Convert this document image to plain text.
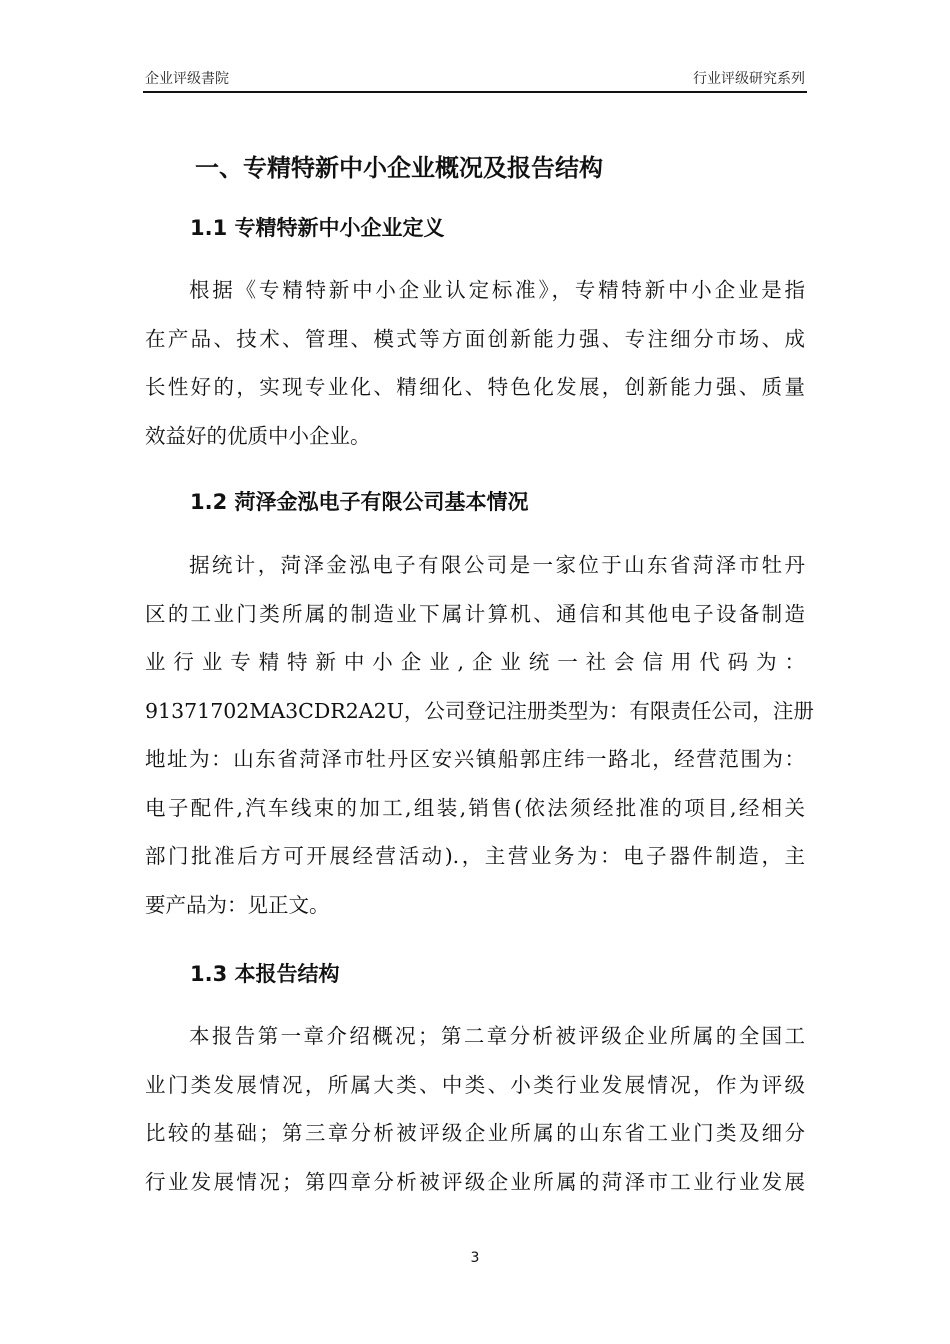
企业评级書院	行业评级研究系列
一、专精特新中小企业概况及报告结构
1.1 专精特新中小企业定义
根据《专精特新中小企业认定标准》，专精特新中小企业是指
在产品、技术、管理、模式等方面创新能力强、专注细分市场、成
长性好的，实现专业化、精细化、特色化发展，创新能力强、质量
效益好的优质中小企业。
1.2 菏泽金泓电子有限公司基本情况
据统计，菏泽金泓电子有限公司是一家位于山东省菏泽市牡丹
区的工业门类所属的制造业下属计算机、通信和其他电子设备制造
业行业专精特新中小企业,企业统一社会信用代码为：
91371702MA3CDR2A2U，公司登记注册类型为：有限责任公司，注册
地址为：山东省菏泽市牡丹区安兴镇船郭庄纬一路北，经营范围为：
电子配件,汽车线束的加工,组装,销售(依法须经批准的项目,经相关
部门批准后方可开展经营活动).，主营业务为：电子器件制造，主
要产品为：见正文。
1.3 本报告结构
本报告第一章介绍概况；第二章分析被评级企业所属的全国工
业门类发展情况，所属大类、中类、小类行业发展情况，作为评级
比较的基础；第三章分析被评级企业所属的山东省工业门类及细分
行业发展情况；第四章分析被评级企业所属的菏泽市工业行业发展
3
